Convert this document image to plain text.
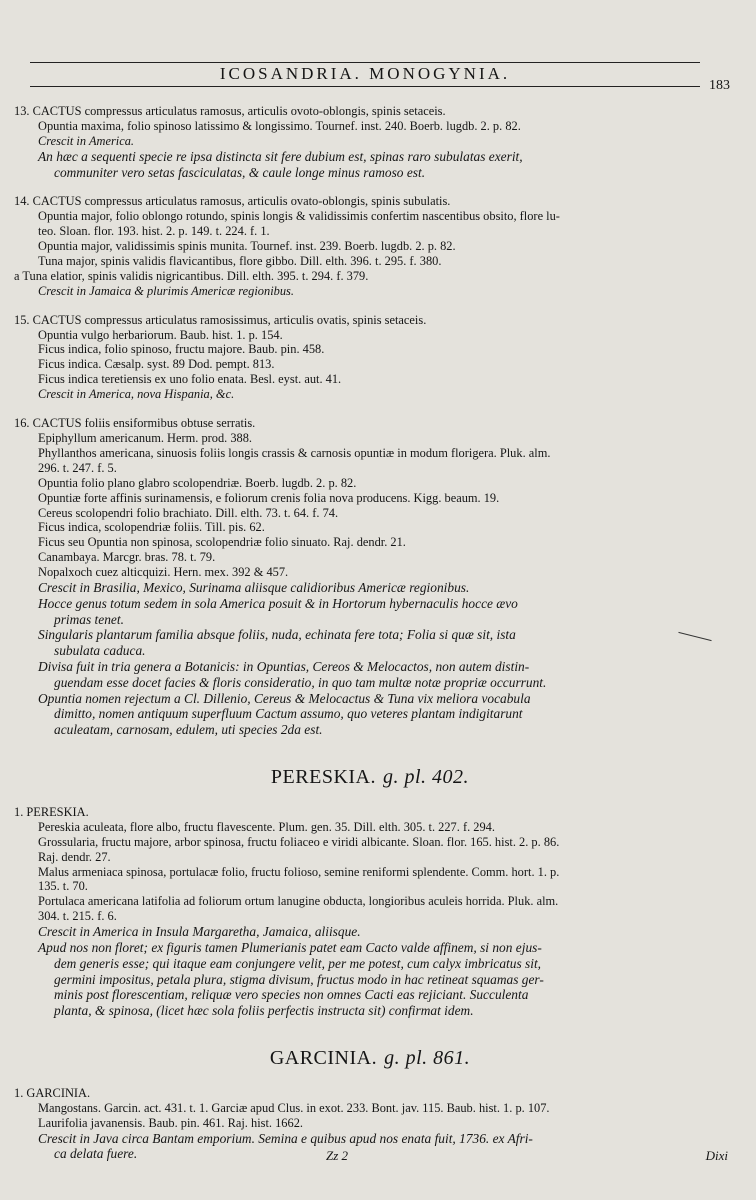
ICOSANDRIA. MONOGYNIA.
183
13. CACTUS compressus articulatus ramosus, articulis ovoto-oblongis, spinis setaceis.
Opuntia maxima, folio spinoso latissimo & longissimo. Tournef. inst. 240. Boerb. lugdb. 2. p. 82.
Crescit in America.
An hæc a sequenti specie re ipsa distincta sit fere dubium est, spinas raro subulatas exerit,
communiter vero setas fasciculatas, & caule longe minus ramoso est.
14. CACTUS compressus articulatus ramosus, articulis ovato-oblongis, spinis subulatis.
Opuntia major, folio oblongo rotundo, spinis longis & validissimis confertim nascentibus obsito, flore lu-
teo. Sloan. flor. 193. hist. 2. p. 149. t. 224. f. 1.
Opuntia major, validissimis spinis munita. Tournef. inst. 239. Boerb. lugdb. 2. p. 82.
Tuna major, spinis validis flavicantibus, flore gibbo. Dill. elth. 396. t. 295. f. 380.
a Tuna elatior, spinis validis nigricantibus. Dill. elth. 395. t. 294. f. 379.
Crescit in Jamaica & plurimis Americæ regionibus.
15. CACTUS compressus articulatus ramosissimus, articulis ovatis, spinis setaceis.
Opuntia vulgo herbariorum. Baub. hist. 1. p. 154.
Ficus indica, folio spinoso, fructu majore. Baub. pin. 458.
Ficus indica. Cæsalp. syst. 89 Dod. pempt. 813.
Ficus indica teretiensis ex uno folio enata. Besl. eyst. aut. 41.
Crescit in America, nova Hispania, &c.
16. CACTUS foliis ensiformibus obtuse serratis.
Epiphyllum americanum. Herm. prod. 388.
Phyllanthos americana, sinuosis foliis longis crassis & carnosis opuntiæ in modum florigera. Pluk. alm.
296. t. 247. f. 5.
Opuntia folio plano glabro scolopendriæ. Boerb. lugdb. 2. p. 82.
Opuntiæ forte affinis surinamensis, e foliorum crenis folia nova producens. Kigg. beaum. 19.
Cereus scolopendri folio brachiato. Dill. elth. 73. t. 64. f. 74.
Ficus indica, scolopendriæ foliis. Till. pis. 62.
Ficus seu Opuntia non spinosa, scolopendriæ folio sinuato. Raj. dendr. 21.
Canambaya. Marcgr. bras. 78. t. 79.
Nopalxoch cuez alticquizi. Hern. mex. 392 & 457.
Crescit in Brasilia, Mexico, Surinama aliisque calidioribus Americæ regionibus.
Hocce genus totum sedem in sola America posuit & in Hortorum hybernaculis hocce ævo
primas tenet.
Singularis plantarum familia absque foliis, nuda, echinata fere tota; Folia si quæ sit, ista
subulata caduca.
Divisa fuit in tria genera a Botanicis: in Opuntias, Cereos & Melocactos, non autem distin-
guendam esse docet facies & floris consideratio, in quo tam multæ notæ propriæ occurrunt.
Opuntia nomen rejectum a Cl. Dillenio, Cereus & Melocactus & Tuna vix meliora vocabula
dimitto, nomen antiquum superfluum Cactum assumo, quo veteres plantam indigitarunt
aculeatam, carnosam, edulem, uti species 2da est.
PERESKIA. g. pl. 402.
1. PERESKIA.
Pereskia aculeata, flore albo, fructu flavescente. Plum. gen. 35. Dill. elth. 305. t. 227. f. 294.
Grossularia, fructu majore, arbor spinosa, fructu foliaceo e viridi albicante. Sloan. flor. 165. hist. 2. p. 86.
Raj. dendr. 27.
Malus armeniaca spinosa, portulacæ folio, fructu folioso, semine reniformi splendente. Comm. hort. 1. p.
135. t. 70.
Portulaca americana latifolia ad foliorum ortum lanugine obducta, longioribus aculeis horrida. Pluk. alm.
304. t. 215. f. 6.
Crescit in America in Insula Margaretha, Jamaica, aliisque.
Apud nos non floret; ex figuris tamen Plumerianis patet eam Cacto valde affinem, si non ejus-
dem generis esse; qui itaque eam conjungere velit, per me potest, cum calyx imbricatus sit,
germini impositus, petala plura, stigma divisum, fructus modo in hac retineat squamas ger-
minis post florescentiam, reliquæ vero species non omnes Cacti eas rejiciant. Succulenta
planta, & spinosa, (licet hæc sola foliis perfectis instructa sit) confirmat idem.
GARCINIA. g. pl. 861.
1. GARCINIA.
Mangostans. Garcin. act. 431. t. 1. Garciæ apud Clus. in exot. 233. Bont. jav. 115. Baub. hist. 1. p. 107.
Laurifolia javanensis. Baub. pin. 461. Raj. hist. 1662.
Crescit in Java circa Bantam emporium. Semina e quibus apud nos enata fuit, 1736. ex Afri-
ca delata fuere.	Zz 2	Dixi
